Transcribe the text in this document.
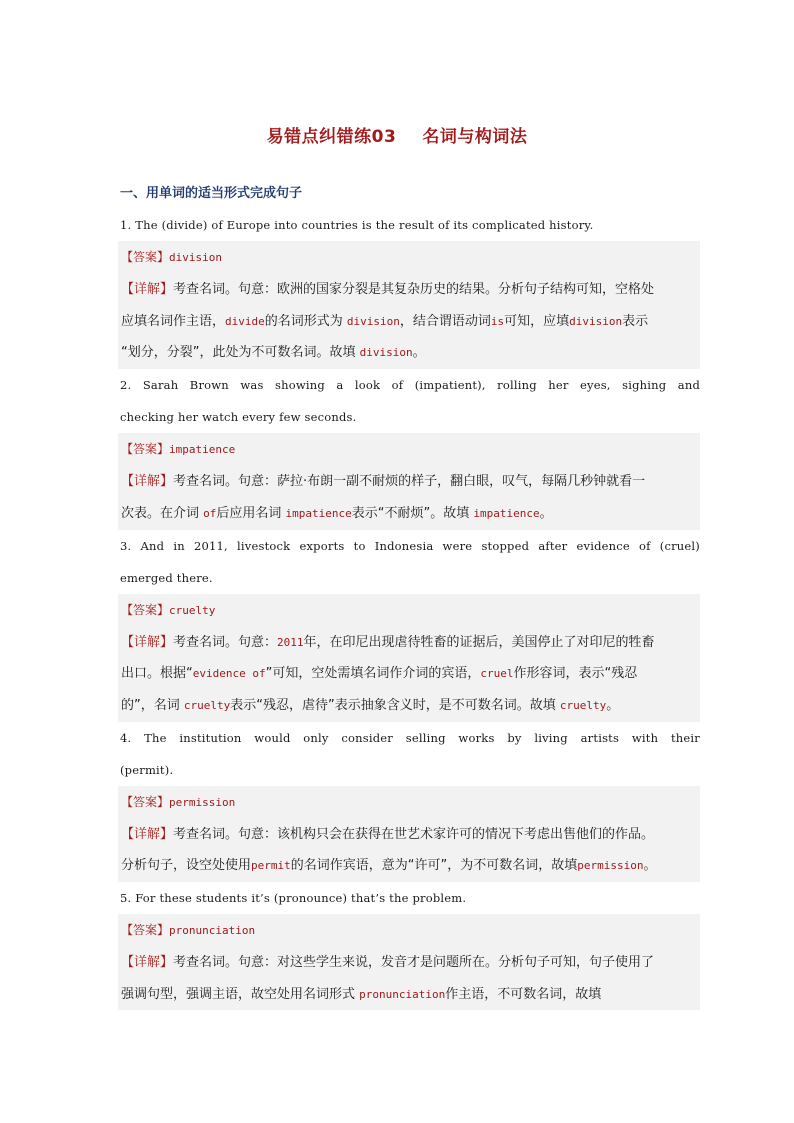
易错点纠错练03 名词与构词法
一、用单词的适当形式完成句子
1. The (divide) of Europe into countries is the result of its complicated history.
【答案】division
【详解】考查名词。句意：欧洲的国家分裂是其复杂历史的结果。分析句子结构可知，空格处
应填名词作主语，divide的名词形式为 division，结合谓语动词is可知，应填division表示
“划分，分裂”，此处为不可数名词。故填 division。
2. Sarah Brown was showing a look of (impatient), rolling her eyes, sighing and
checking her watch every few seconds.
【答案】impatience
【详解】考查名词。句意：萨拉·布朗一副不耐烦的样子，翻白眼，叹气，每隔几秒钟就看一
次表。在介词 of后应用名词 impatience表示“不耐烦”。故填 impatience。
3. And in 2011, livestock exports to Indonesia were stopped after evidence of (cruel)
emerged there.
【答案】cruelty
【详解】考查名词。句意：2011年，在印尼出现虐待牲畜的证据后，美国停止了对印尼的牲畜
出口。根据“evidence of”可知，空处需填名词作介词的宾语，cruel作形容词，表示“残忍
的”，名词 cruelty表示“残忍，虐待”表示抽象含义时，是不可数名词。故填 cruelty。
4. The institution would only consider selling works by living artists with their
(permit).
【答案】permission
【详解】考查名词。句意：该机构只会在获得在世艺术家许可的情况下考虑出售他们的作品。
分析句子，设空处使用permit的名词作宾语，意为“许可”，为不可数名词，故填permission。
5. For these students it’s (pronounce) that’s the problem.
【答案】pronunciation
【详解】考查名词。句意：对这些学生来说，发音才是问题所在。分析句子可知，句子使用了
强调句型，强调主语，故空处用名词形式 pronunciation作主语，不可数名词，故填
